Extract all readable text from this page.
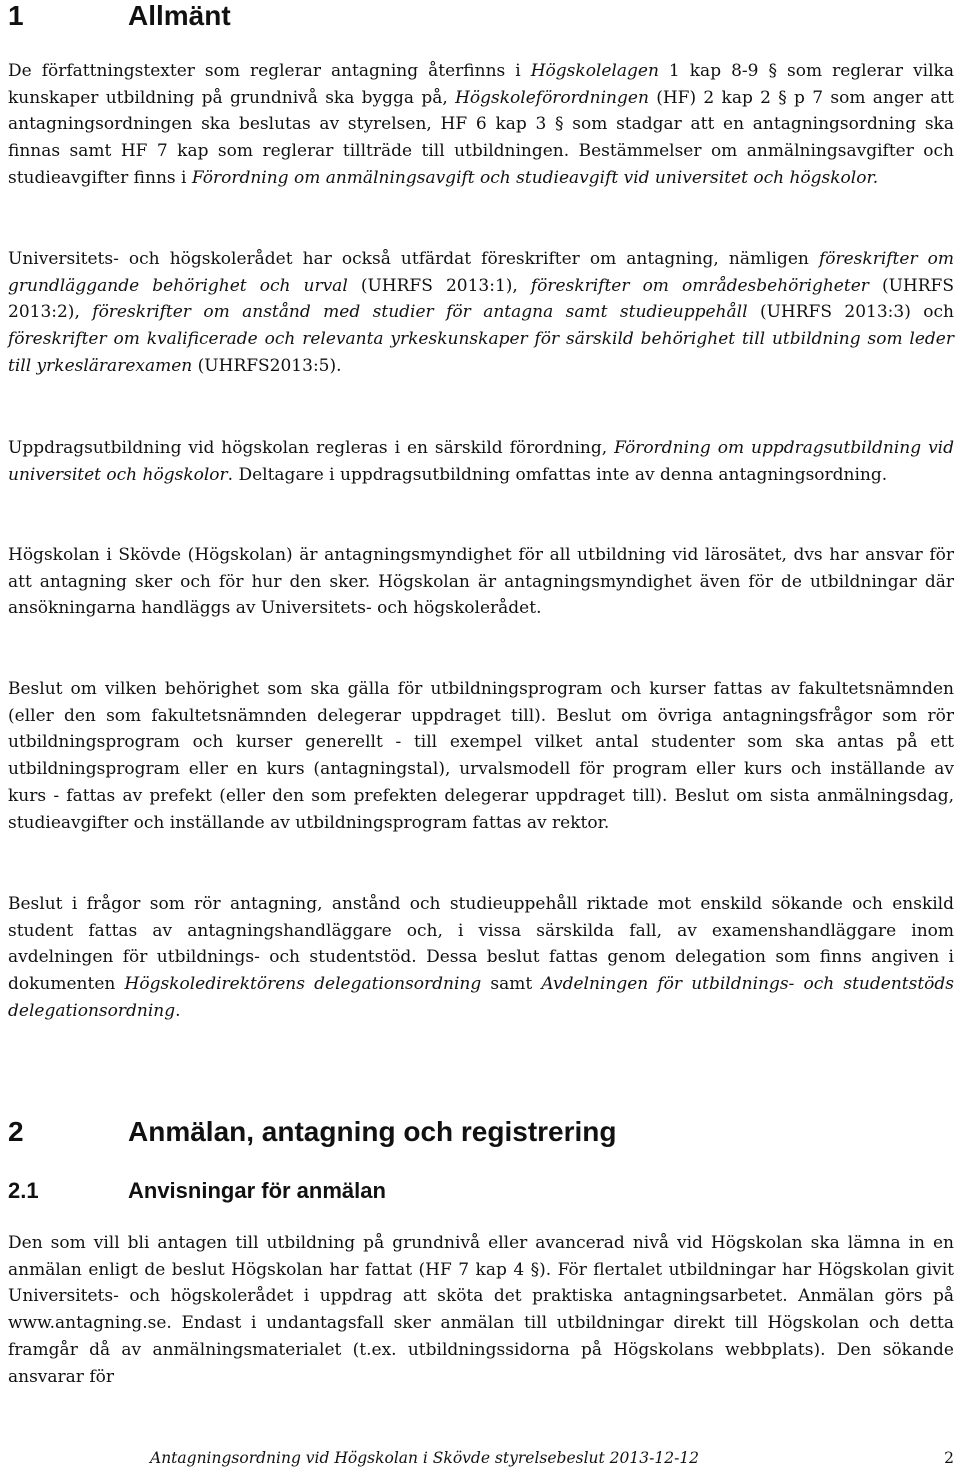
1	Allmänt

De författningstexter som reglerar antagning återfinns i Högskolelagen 1 kap 8-9 § som reglerar vilka kunskaper utbildning på grundnivå ska bygga på, Högskoleförordningen (HF) 2 kap 2 § p 7 som anger att antagningsordningen ska beslutas av styrelsen, HF 6 kap 3 § som stadgar att en antagningsordning ska finnas samt HF 7 kap som reglerar tillträde till utbildningen. Bestämmelser om anmälningsavgifter och studieavgifter finns i Förordning om anmälningsavgift och studieavgift vid universitet och högskolor.

Universitets- och högskolerådet har också utfärdat föreskrifter om antagning, nämligen föreskrifter om grundläggande behörighet och urval (UHRFS 2013:1), föreskrifter om områdesbehörigheter (UHRFS 2013:2), föreskrifter om anstånd med studier för antagna samt studieuppehåll (UHRFS 2013:3) och föreskrifter om kvalificerade och relevanta yrkeskunskaper för särskild behörighet till utbildning som leder till yrkeslärarexamen (UHRFS2013:5).

Uppdragsutbildning vid högskolan regleras i en särskild förordning, Förordning om uppdragsutbildning vid universitet och högskolor. Deltagare i uppdragsutbildning omfattas inte av denna antagningsordning.

Högskolan i Skövde (Högskolan) är antagningsmyndighet för all utbildning vid lärosätet, dvs har ansvar för att antagning sker och för hur den sker. Högskolan är antagningsmyndighet även för de utbildningar där ansökningarna handläggs av Universitets- och högskolerådet.

Beslut om vilken behörighet som ska gälla för utbildningsprogram och kurser fattas av fakultetsnämnden (eller den som fakultetsnämnden delegerar uppdraget till). Beslut om övriga antagningsfrågor som rör utbildningsprogram och kurser generellt - till exempel vilket antal studenter som ska antas på ett utbildningsprogram eller en kurs (antagningstal), urvalsmodell för program eller kurs och inställande av kurs - fattas av prefekt (eller den som prefekten delegerar uppdraget till). Beslut om sista anmälningsdag, studieavgifter och inställande av utbildningsprogram fattas av rektor.

Beslut i frågor som rör antagning, anstånd och studieuppehåll riktade mot enskild sökande och enskild student fattas av antagningshandläggare och, i vissa särskilda fall, av examenshandläggare inom avdelningen för utbildnings- och studentstöd. Dessa beslut fattas genom delegation som finns angiven i dokumenten Högskoledirektörens delegationsordning samt Avdelningen för utbildnings- och studentstöds delegationsordning.

2	Anmälan, antagning och registrering
2.1	Anvisningar för anmälan

Den som vill bli antagen till utbildning på grundnivå eller avancerad nivå vid Högskolan ska lämna in en anmälan enligt de beslut Högskolan har fattat (HF 7 kap 4 §). För flertalet utbildningar har Högskolan givit Universitets- och högskolerådet i uppdrag att sköta det praktiska antagningsarbetet. Anmälan görs på www.antagning.se. Endast i undantagsfall sker anmälan till utbildningar direkt till Högskolan och detta framgår då av anmälningsmaterialet (t.ex. utbildningssidorna på Högskolans webbplats). Den sökande ansvarar för

Antagningsordning vid Högskolan i Skövde styrelsebeslut 2013-12-12	2
